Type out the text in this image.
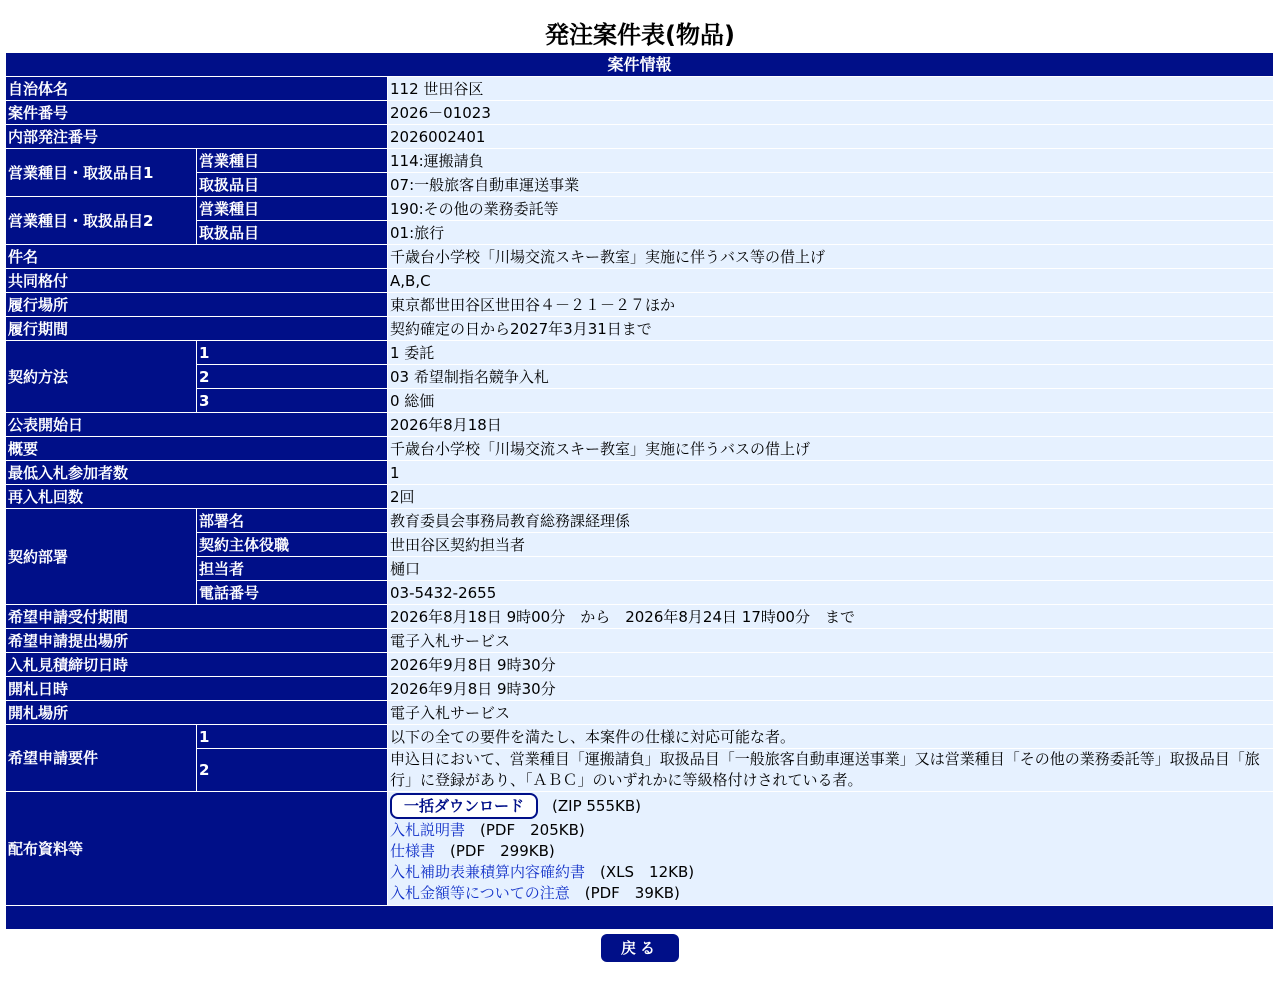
発注案件表(物品)
案件情報		
自治体名		112 世田谷区
案件番号		2026－01023
内部発注番号		2026002401
営業種目・取扱品目1	営業種目	114:運搬請負
	取扱品目	07:一般旅客自動車運送事業
営業種目・取扱品目2	営業種目	190:その他の業務委託等
	取扱品目	01:旅行
件名		千歳台小学校「川場交流スキー教室」実施に伴うバス等の借上げ
共同格付		A,B,C
履行場所		東京都世田谷区世田谷４－２１－２７ほか
履行期間		契約確定の日から2027年3月31日まで
契約方法	1	1 委託
	2	03 希望制指名競争入札
	3	0 総価
公表開始日		2026年8月18日
概要		千歳台小学校「川場交流スキー教室」実施に伴うバスの借上げ
最低入札参加者数		1
再入札回数		2回
契約部署	部署名	教育委員会事務局教育総務課経理係
	契約主体役職	世田谷区契約担当者
	担当者	樋口
	電話番号	03-5432-2655
希望申請受付期間		2026年8月18日 9時00分　から　2026年8月24日 17時00分　まで
希望申請提出場所		電子入札サービス
入札見積締切日時		2026年9月8日 9時30分
開札日時		2026年9月8日 9時30分
開札場所		電子入札サービス
希望申請要件	1	以下の全ての要件を満たし、本案件の仕様に対応可能な者。
	2	申込日において、営業種目「運搬請負」取扱品目「一般旅客自動車運送事業」又は営業種目「その他の業務委託等」取扱品目「旅行」に登録があり、「ＡＢＣ」のいずれかに等級格付けされている者。
配布資料等		一括ダウンロード (ZIP 555KB)
入札説明書　 (PDF　205KB)
仕様書　 (PDF　299KB)
入札補助表兼積算内容確約書　 (XLS　12KB)
入札金額等についての注意　 (PDF　39KB)

戻る
